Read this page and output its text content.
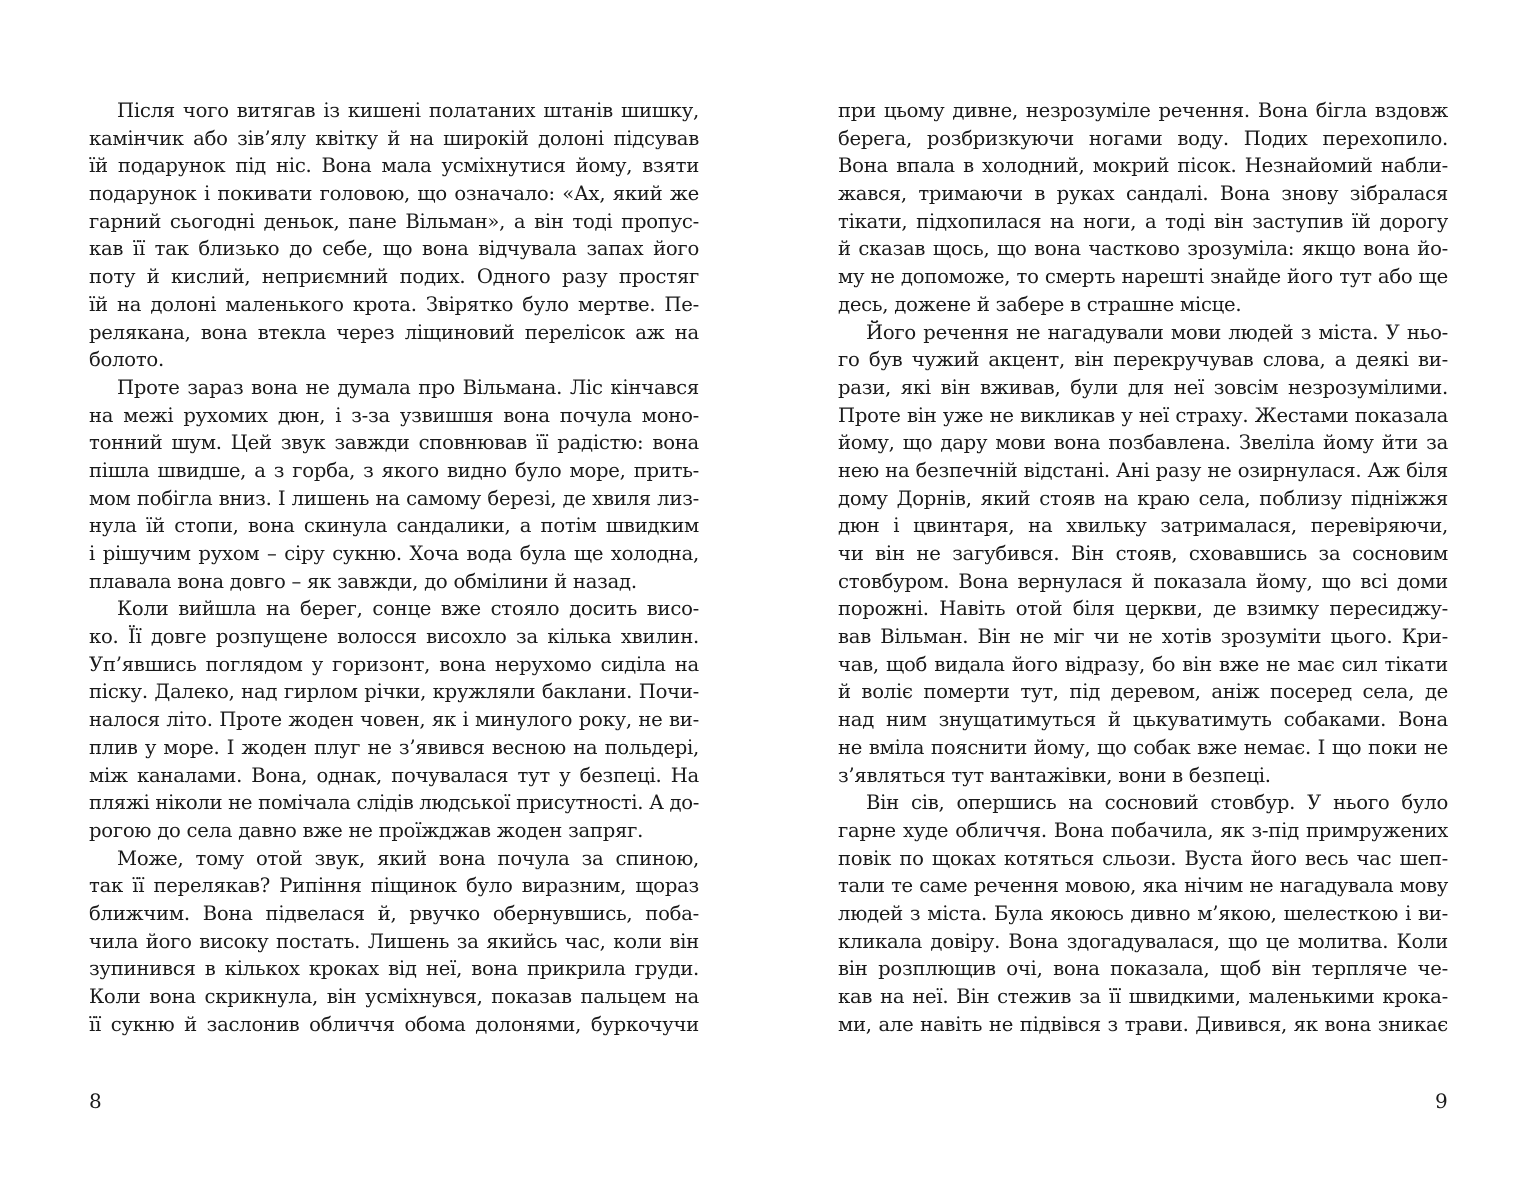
Після чого витягав із кишені полатаних штанів шишку,
камінчик або зів’ялу квітку й на широкій долоні підсував
їй подарунок під ніс. Вона мала усміхнутися йому, взяти
подарунок і покивати головою, що означало: «Ах, який же
гарний сьогодні деньок, пане Вільман», а він тоді пропус-
кав її так близько до себе, що вона відчувала запах його
поту й кислий, неприємний подих. Одного разу простяг
їй на долоні маленького крота. Звірятко було мертве. Пе-
релякана, вона втекла через ліщиновий перелісок аж на
болото.
Проте зараз вона не думала про Вільмана. Ліс кінчався
на межі рухомих дюн, і з-за узвишшя вона почула моно-
тонний шум. Цей звук завжди сповнював її радістю: вона
пішла швидше, а з горба, з якого видно було море, прить-
мом побігла вниз. І лишень на самому березі, де хвиля лиз-
нула їй стопи, вона скинула сандалики, а потім швидким
і рішучим рухом – сіру сукню. Хоча вода була ще холодна,
плавала вона довго – як завжди, до обмілини й назад.
Коли вийшла на берег, сонце вже стояло досить висо-
ко. Її довге розпущене волосся висохло за кілька хвилин.
Уп’явшись поглядом у горизонт, вона нерухомо сиділа на
піску. Далеко, над гирлом річки, кружляли баклани. Почи-
налося літо. Проте жоден човен, як і минулого року, не ви-
плив у море. І жоден плуг не з’явився весною на польдері,
між каналами. Вона, однак, почувалася тут у безпеці. На
пляжі ніколи не помічала слідів людської присутності. А до-
рогою до села давно вже не проїжджав жоден запряг.
Може, тому отой звук, який вона почула за спиною,
так її перелякав? Рипіння піщинок було виразним, щораз
ближчим. Вона підвелася й, рвучко обернувшись, поба-
чила його високу постать. Лишень за якийсь час, коли він
зупинився в кількох кроках від неї, вона прикрила груди.
Коли вона скрикнула, він усміхнувся, показав пальцем на
її сукню й заслонив обличчя обома долонями, буркочучи
8
при цьому дивне, незрозуміле речення. Вона бігла вздовж
берега, розбризкуючи ногами воду. Подих перехопило.
Вона впала в холодний, мокрий пісок. Незнайомий набли-
жався, тримаючи в руках сандалі. Вона знову зібралася
тікати, підхопилася на ноги, а тоді він заступив їй дорогу
й сказав щось, що вона частково зрозуміла: якщо вона йо-
му не допоможе, то смерть нарешті знайде його тут або ще
десь, дожене й забере в страшне місце.
Його речення не нагадували мови людей з міста. У ньо-
го був чужий акцент, він перекручував слова, а деякі ви-
рази, які він вживав, були для неї зовсім незрозумілими.
Проте він уже не викликав у неї страху. Жестами показала
йому, що дару мови вона позбавлена. Звеліла йому йти за
нею на безпечній відстані. Ані разу не озирнулася. Аж біля
дому Дорнів, який стояв на краю села, поблизу підніжжя
дюн і цвинтаря, на хвильку затрималася, перевіряючи,
чи він не загубився. Він стояв, сховавшись за сосновим
стовбуром. Вона вернулася й показала йому, що всі доми
порожні. Навіть отой біля церкви, де взимку пересиджу-
вав Вільман. Він не міг чи не хотів зрозуміти цього. Кри-
чав, щоб видала його відразу, бо він вже не має сил тікати
й воліє померти тут, під деревом, аніж посеред села, де
над ним знущатимуться й цькуватимуть собаками. Вона
не вміла пояснити йому, що собак вже немає. І що поки не
з’являться тут вантажівки, вони в безпеці.
Він сів, опершись на сосновий стовбур. У нього було
гарне худе обличчя. Вона побачила, як з-під примружених
повік по щоках котяться сльози. Вуста його весь час шеп-
тали те саме речення мовою, яка нічим не нагадувала мову
людей з міста. Була якоюсь дивно м’якою, шелесткою і ви-
кликала довіру. Вона здогадувалася, що це молитва. Коли
він розплющив очі, вона показала, щоб він терпляче че-
кав на неї. Він стежив за її швидкими, маленькими крока-
ми, але навіть не підвівся з трави. Дивився, як вона зникає
9
